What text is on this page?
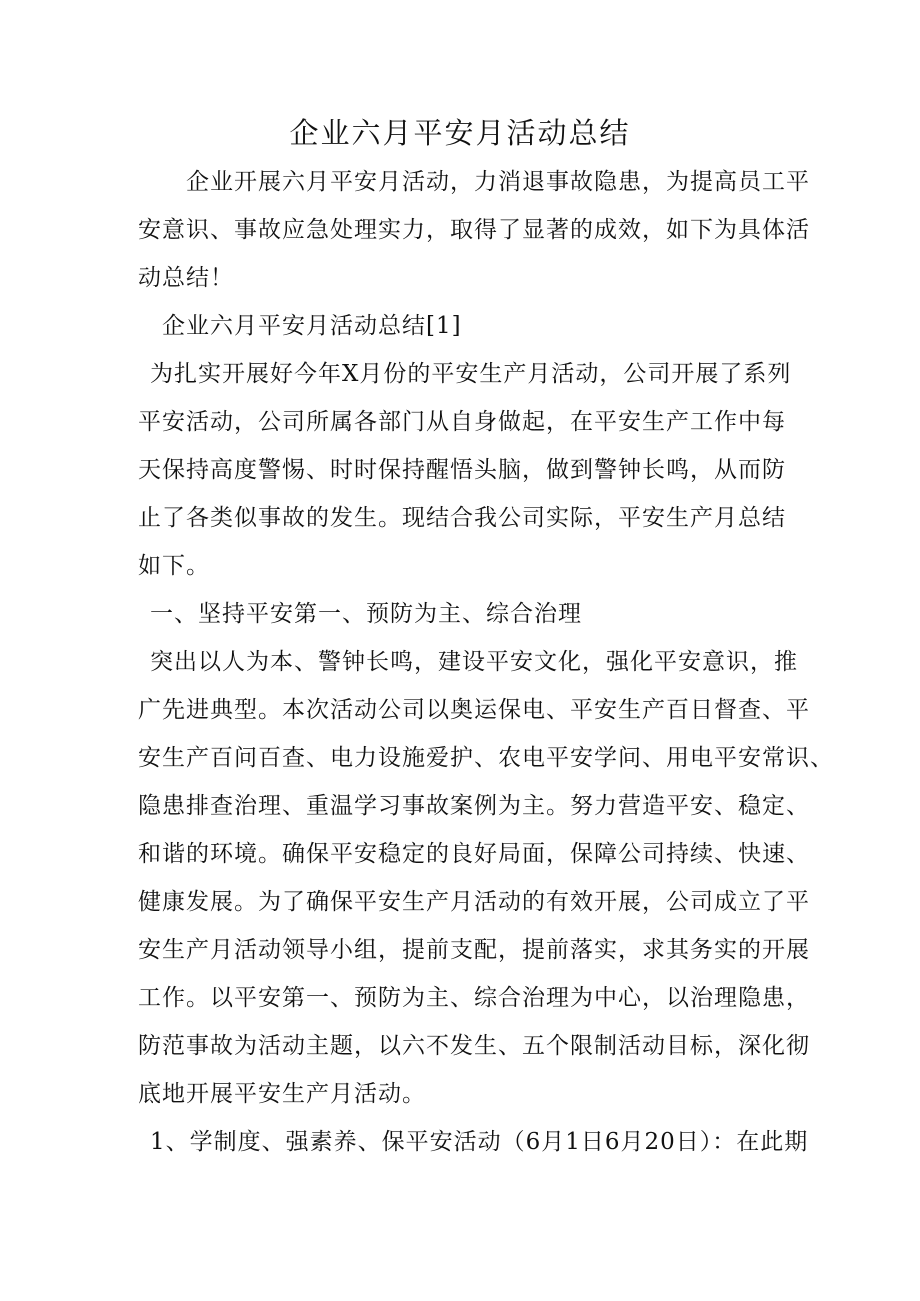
企业六月平安月活动总结
企业开展六月平安月活动，力消退事故隐患，为提高员工平
安意识、事故应急处理实力，取得了显著的成效，如下为具体活
动总结！
企业六月平安月活动总结[1]
为扎实开展好今年X月份的平安生产月活动，公司开展了系列
平安活动，公司所属各部门从自身做起，在平安生产工作中每
天保持高度警惕、时时保持醒悟头脑，做到警钟长鸣，从而防
止了各类似事故的发生。现结合我公司实际，平安生产月总结
如下。
一、坚持平安第一、预防为主、综合治理
突出以人为本、警钟长鸣，建设平安文化，强化平安意识，推
广先进典型。本次活动公司以奥运保电、平安生产百日督查、平
安生产百问百查、电力设施爱护、农电平安学问、用电平安常识、
隐患排查治理、重温学习事故案例为主。努力营造平安、稳定、
和谐的环境。确保平安稳定的良好局面，保障公司持续、快速、
健康发展。为了确保平安生产月活动的有效开展，公司成立了平
安生产月活动领导小组，提前支配，提前落实，求其务实的开展
工作。以平安第一、预防为主、综合治理为中心，以治理隐患，
防范事故为活动主题，以六不发生、五个限制活动目标，深化彻
底地开展平安生产月活动。
1、学制度、强素养、保平安活动（6月1日6月20日）：在此期
